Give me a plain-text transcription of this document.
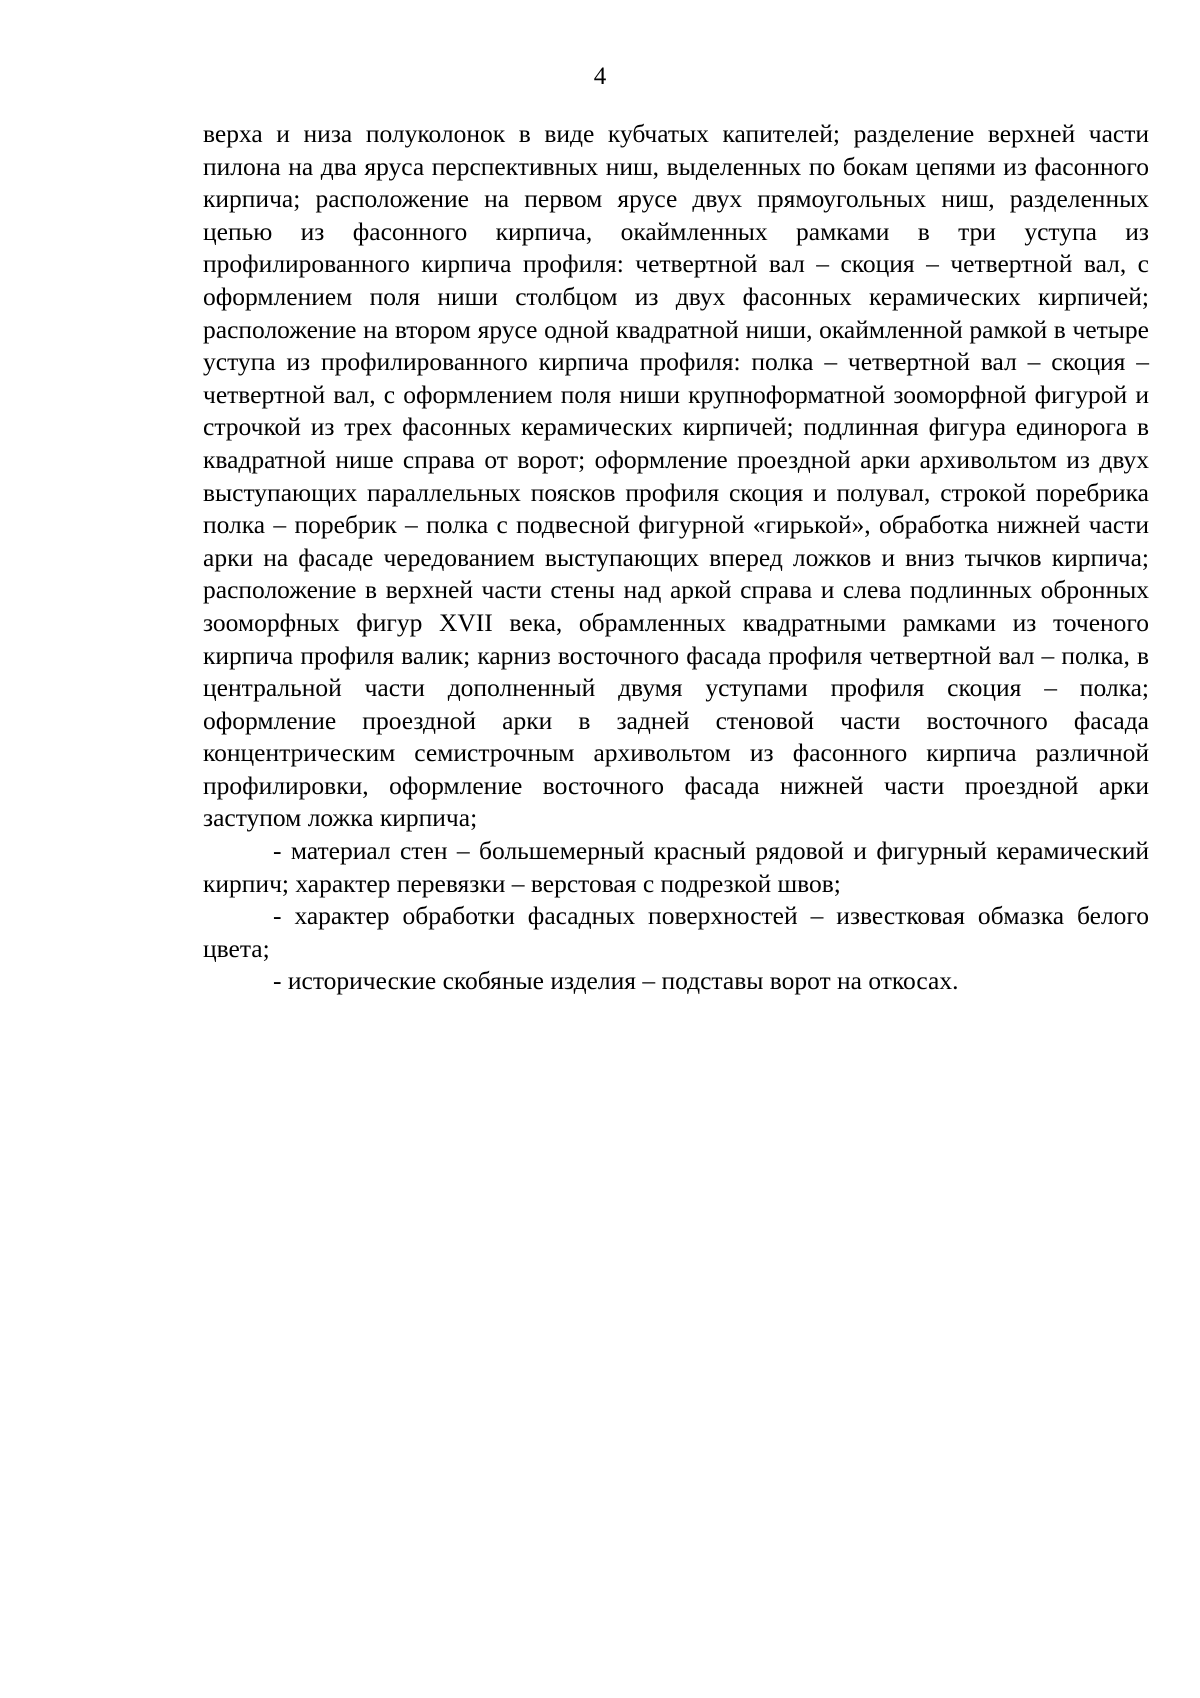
4

верха и низа полуколонок в виде кубчатых капителей; разделение верхней части пилона на два яруса перспективных ниш, выделенных по бокам цепями из фасонного кирпича; расположение на первом ярусе двух прямоугольных ниш, разделенных цепью из фасонного кирпича, окаймленных рамками в три уступа из профилированного кирпича профиля: четвертной вал – скоция – четвертной вал, с оформлением поля ниши столбцом из двух фасонных керамических кирпичей; расположение на втором ярусе одной квадратной ниши, окаймленной рамкой в четыре уступа из профилированного кирпича профиля: полка – четвертной вал – скоция – четвертной вал, с оформлением поля ниши крупноформатной зооморфной фигурой и строчкой из трех фасонных керамических кирпичей; подлинная фигура единорога в квадратной нише справа от ворот; оформление проездной арки архивольтом из двух выступающих параллельных поясков профиля скоция и полувал, строкой поребрика полка – поребрик – полка с подвесной фигурной «гирькой», обработка нижней части арки на фасаде чередованием выступающих вперед ложков и вниз тычков кирпича; расположение в верхней части стены над аркой справа и слева подлинных обронных зооморфных фигур XVII века, обрамленных квадратными рамками из точеного кирпича профиля валик; карниз восточного фасада профиля четвертной вал – полка, в центральной части дополненный двумя уступами профиля скоция – полка; оформление проездной арки в задней стеновой части восточного фасада концентрическим семистрочным архивольтом из фасонного кирпича различной профилировки, оформление восточного фасада нижней части проездной арки заступом ложка кирпича;

- материал стен – большемерный красный рядовой и фигурный керамический кирпич; характер перевязки – верстовая с подрезкой швов;

- характер обработки фасадных поверхностей – известковая обмазка белого цвета;

- исторические скобяные изделия – подставы ворот на откосах.
